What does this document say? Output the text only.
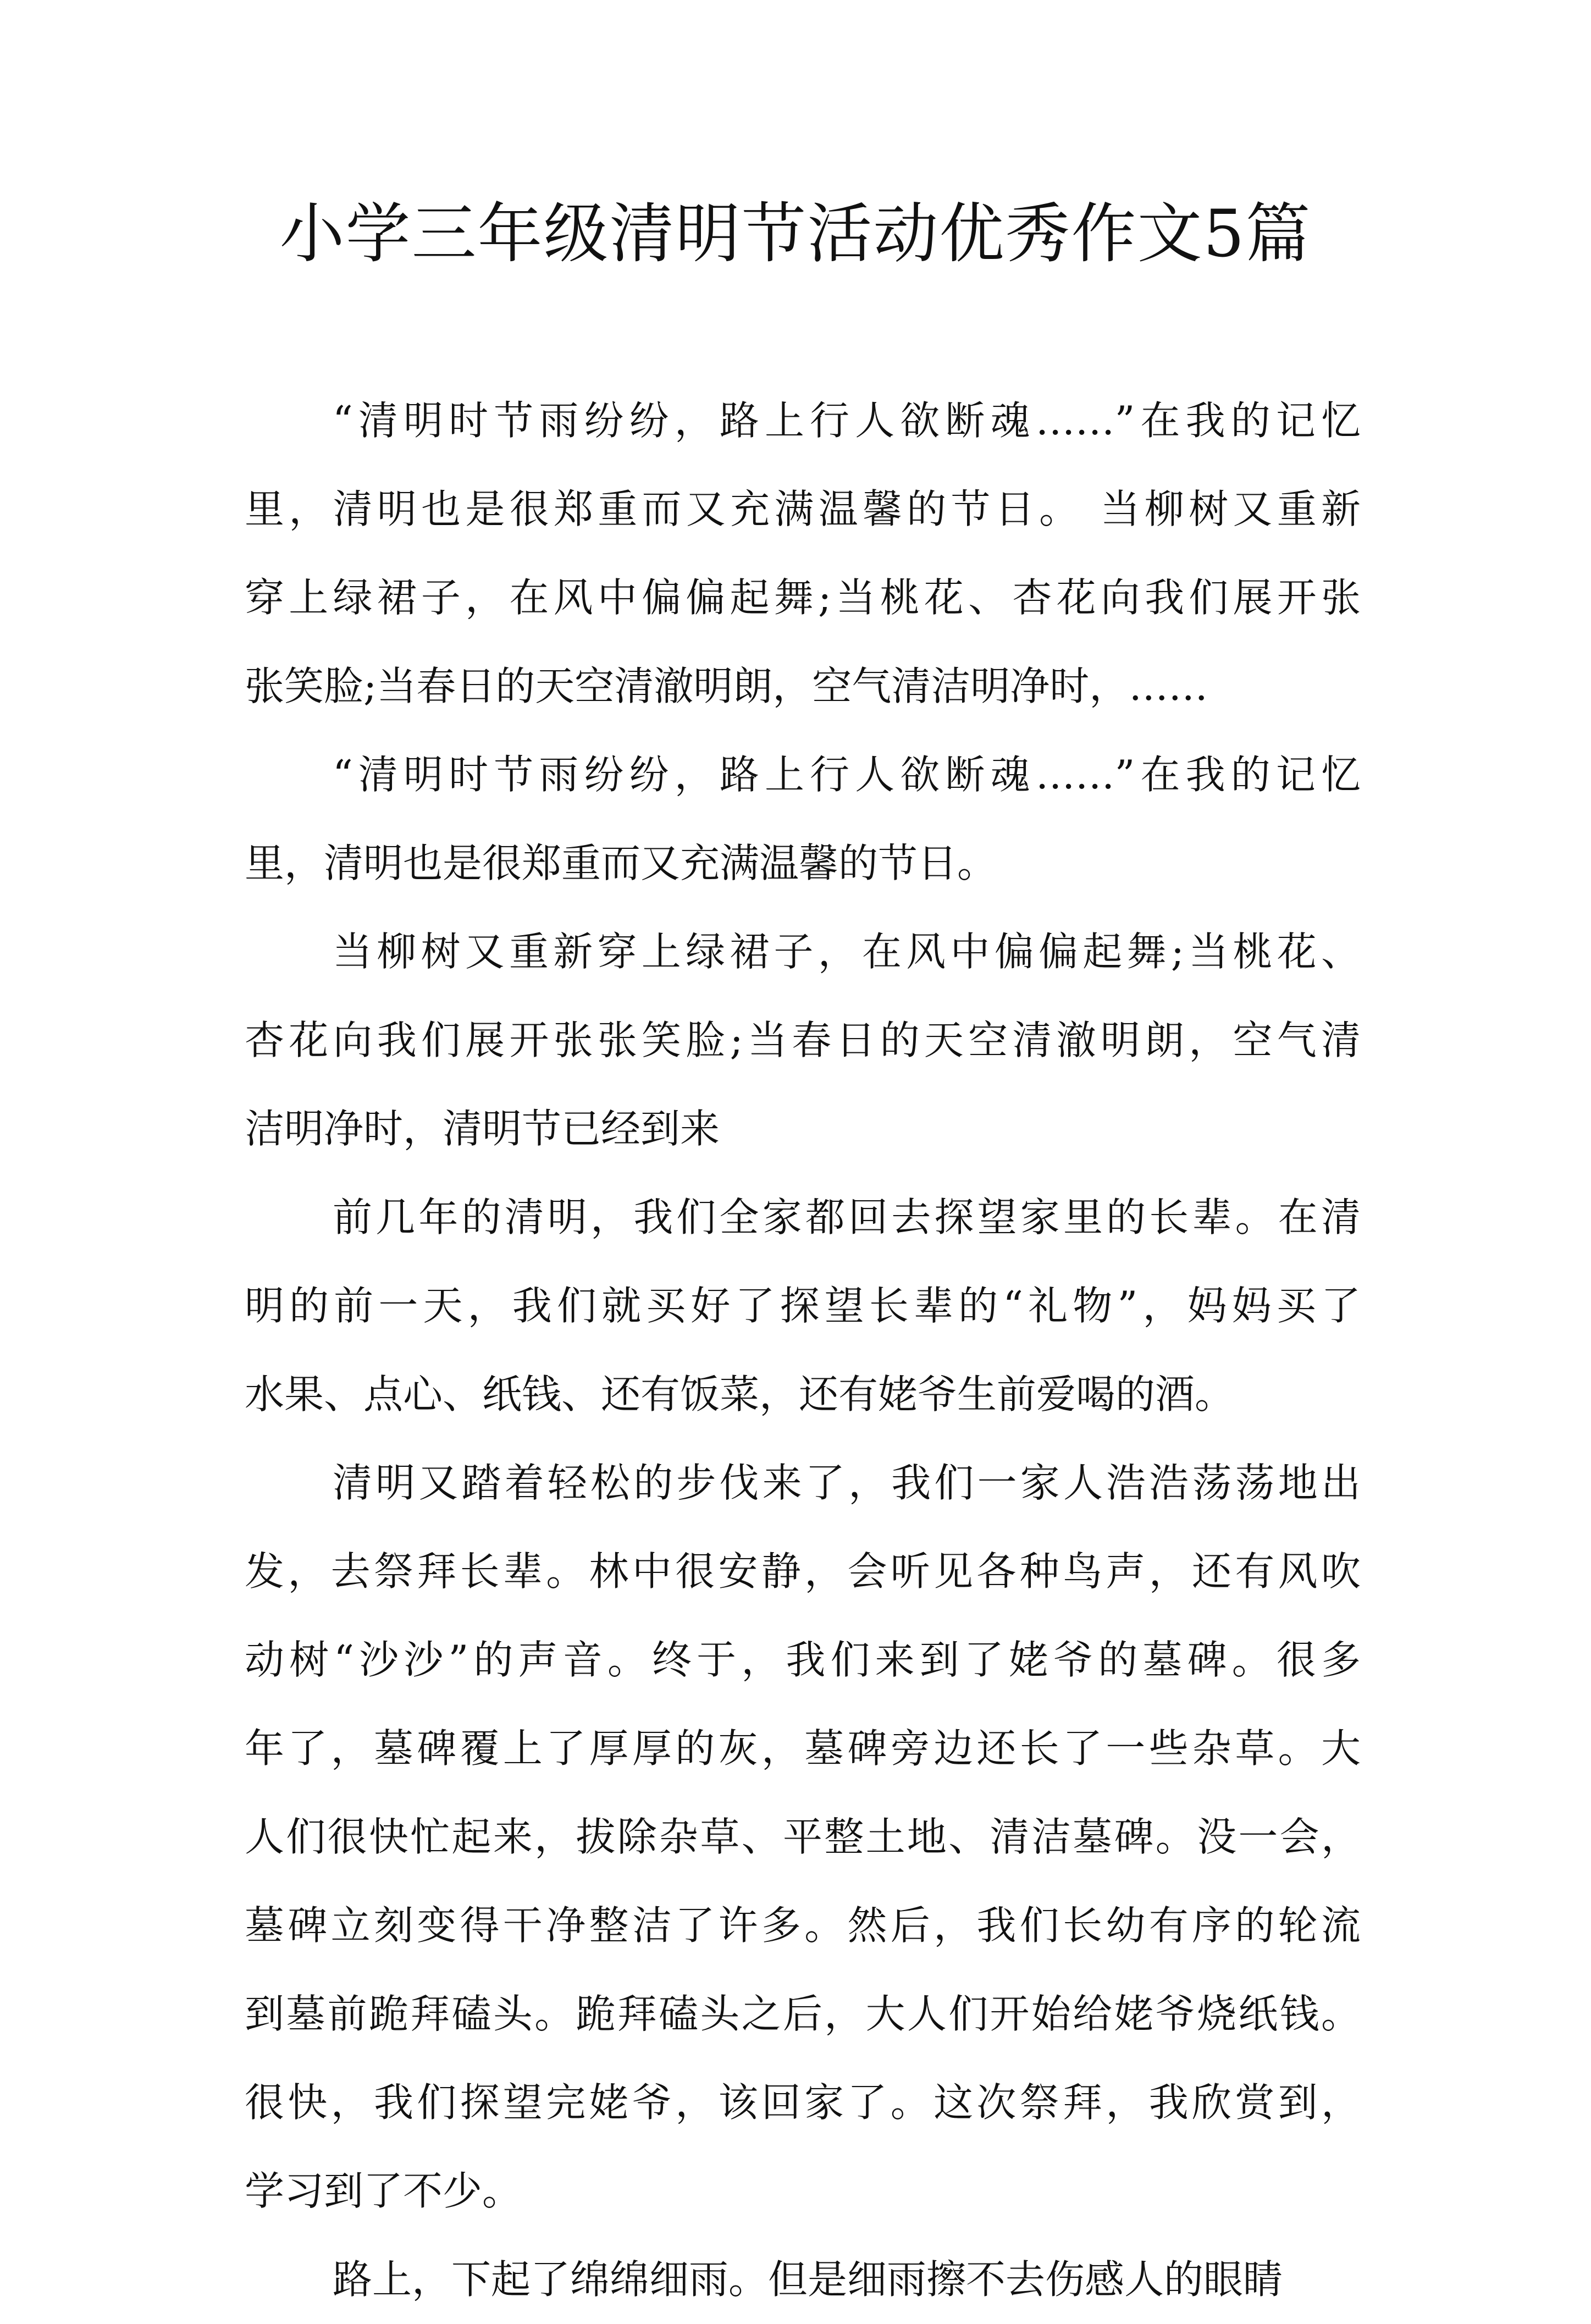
小学三年级清明节活动优秀作文5篇
“清明时节雨纷纷，路上行人欲断魂……”在我的记忆
里，清明也是很郑重而又充满温馨的节日。 当柳树又重新
穿上绿裙子，在风中偏偏起舞;当桃花、杏花向我们展开张
张笑脸;当春日的天空清澈明朗，空气清洁明净时，……
“清明时节雨纷纷，路上行人欲断魂……”在我的记忆
里，清明也是很郑重而又充满温馨的节日。
当柳树又重新穿上绿裙子，在风中偏偏起舞;当桃花、
杏花向我们展开张张笑脸;当春日的天空清澈明朗，空气清
洁明净时，清明节已经到来
前几年的清明，我们全家都回去探望家里的长辈。在清
明的前一天，我们就买好了探望长辈的“礼物”，妈妈买了
水果、点心、纸钱、还有饭菜，还有姥爷生前爱喝的酒。
清明又踏着轻松的步伐来了，我们一家人浩浩荡荡地出
发，去祭拜长辈。林中很安静，会听见各种鸟声，还有风吹
动树“沙沙”的声音。终于，我们来到了姥爷的墓碑。很多
年了，墓碑覆上了厚厚的灰，墓碑旁边还长了一些杂草。大
人们很快忙起来，拔除杂草、平整土地、清洁墓碑。没一会，
墓碑立刻变得干净整洁了许多。然后，我们长幼有序的轮流
到墓前跪拜磕头。跪拜磕头之后，大人们开始给姥爷烧纸钱。
很快，我们探望完姥爷，该回家了。这次祭拜，我欣赏到，
学习到了不少。
路上，下起了绵绵细雨。但是细雨擦不去伤感人的眼睛
